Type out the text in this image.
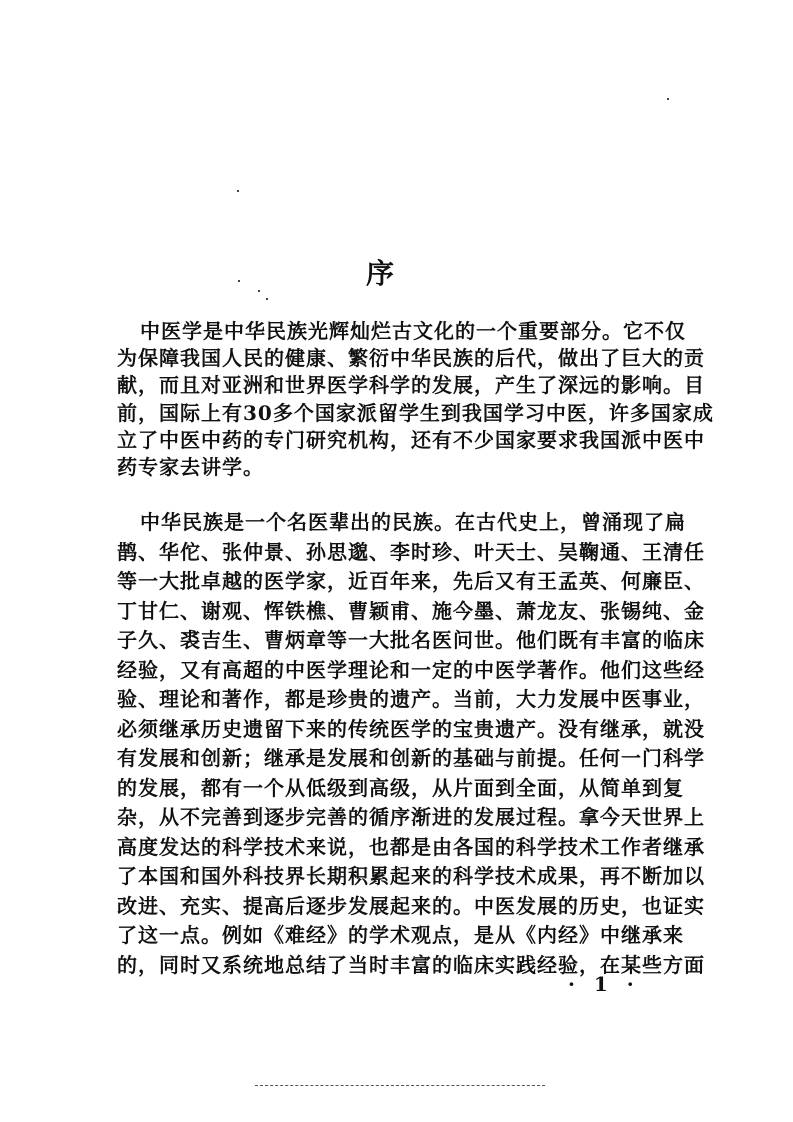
序
中医学是中华民族光辉灿烂古文化的一个重要部分。它不仅
为保障我国人民的健康、繁衍中华民族的后代，做出了巨大的贡
献，而且对亚洲和世界医学科学的发展，产生了深远的影响。目
前，国际上有30多个国家派留学生到我国学习中医，许多国家成
立了中医中药的专门研究机构，还有不少国家要求我国派中医中
药专家去讲学。
中华民族是一个名医辈出的民族。在古代史上，曾涌现了扁
鹊、华佗、张仲景、孙思邈、李时珍、叶天士、吴鞠通、王清任
等一大批卓越的医学家，近百年来，先后又有王孟英、何廉臣、
丁甘仁、谢观、恽铁樵、曹颖甫、施今墨、萧龙友、张锡纯、金
子久、裘吉生、曹炳章等一大批名医问世。他们既有丰富的临床
经验，又有高超的中医学理论和一定的中医学著作。他们这些经
验、理论和著作，都是珍贵的遗产。当前，大力发展中医事业，
必须继承历史遗留下来的传统医学的宝贵遗产。没有继承，就没
有发展和创新；继承是发展和创新的基础与前提。任何一门科学
的发展，都有一个从低级到高级，从片面到全面，从简单到复
杂，从不完善到逐步完善的循序渐进的发展过程。拿今天世界上
高度发达的科学技术来说，也都是由各国的科学技术工作者继承
了本国和国外科技界长期积累起来的科学技术成果，再不断加以
改进、充实、提高后逐步发展起来的。中医发展的历史，也证实
了这一点。例如《难经》的学术观点，是从《内经》中继承来
的，同时又系统地总结了当时丰富的临床实践经验，在某些方面
· 1 ·
